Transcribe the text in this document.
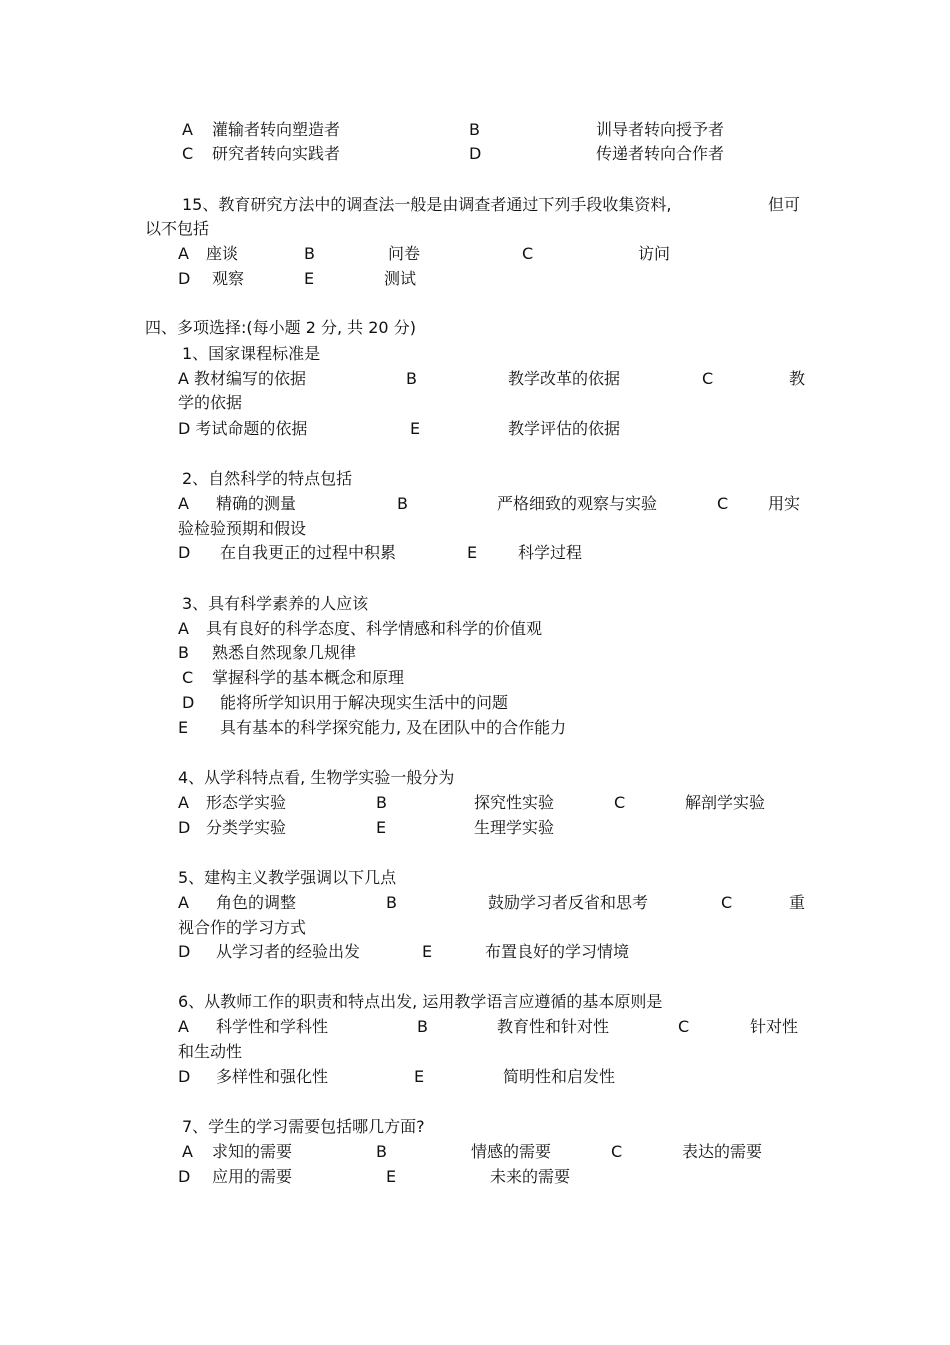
A 灌输者转向塑造者	B	训导者转向授予者
C 研究者转向实践者	D	传递者转向合作者
15、教育研究方法中的调查法一般是由调查者通过下列手段收集资料,	但可
以不包括
A 座谈	B	问卷	C	访问
D 观察	E	测试
四、多项选择:(每小题 2 分, 共 20 分)
1、国家课程标准是
A 教材编写的依据	B	教学改革的依据	C	教
学的依据
D 考试命题的依据	E	教学评估的依据
2、自然科学的特点包括
A 精确的测量	B	严格细致的观察与实验	C 用实
验检验预期和假设
D 在自我更正的过程中积累	E	科学过程
3、具有科学素养的人应该
A 具有良好的科学态度、科学情感和科学的价值观
B 熟悉自然现象几规律
C 掌握科学的基本概念和原理
D 能将所学知识用于解决现实生活中的问题
E 具有基本的科学探究能力, 及在团队中的合作能力
4、从学科特点看, 生物学实验一般分为
A 形态学实验	B	探究性实验	C	解剖学实验
D 分类学实验	E	生理学实验
5、建构主义教学强调以下几点
A 角色的调整	B	鼓励学习者反省和思考	C	重
视合作的学习方式
D 从学习者的经验出发	E	布置良好的学习情境
6、从教师工作的职责和特点出发, 运用教学语言应遵循的基本原则是
A 科学性和学科性	B	教育性和针对性	C	针对性
和生动性
D 多样性和强化性	E	简明性和启发性
7、学生的学习需要包括哪几方面?
A 求知的需要	B	情感的需要	C	表达的需要
D 应用的需要	E	未来的需要
